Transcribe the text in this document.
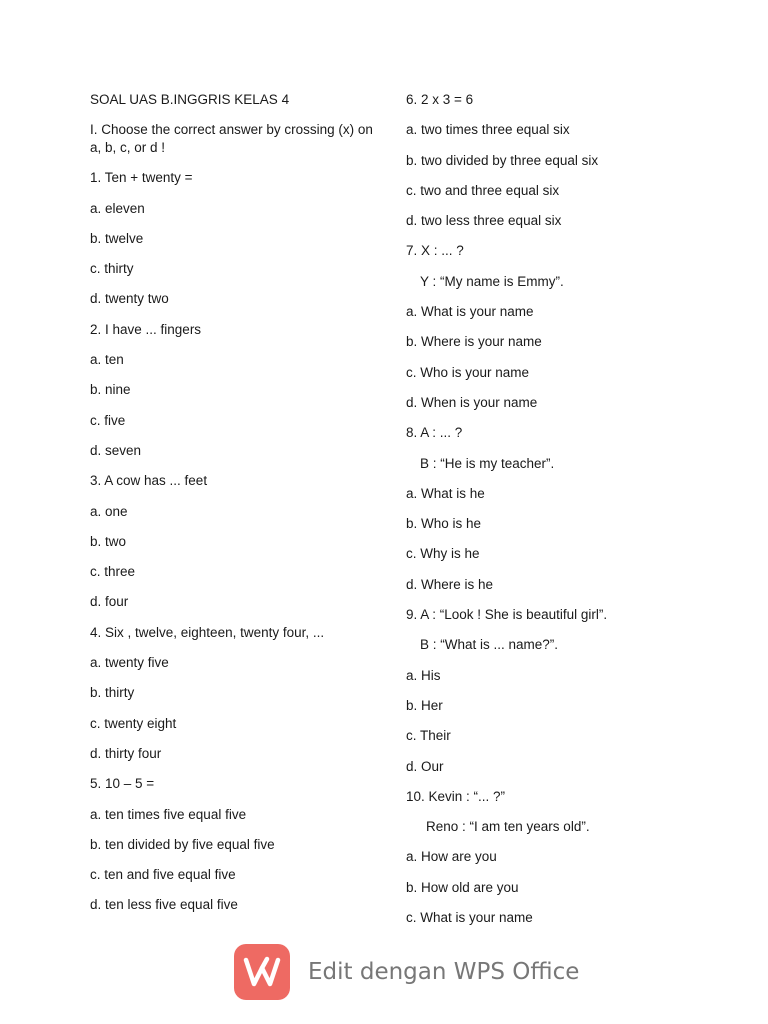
SOAL UAS B.INGGRIS KELAS 4
I. Choose the correct answer by crossing (x) on a, b, c, or d !
1. Ten + twenty =
a. eleven
b. twelve
c. thirty
d. twenty two
2. I have ... fingers
a. ten
b. nine
c. five
d. seven
3. A cow has ... feet
a. one
b. two
c. three
d. four
4. Six , twelve, eighteen, twenty four, ...
a. twenty five
b. thirty
c. twenty eight
d. thirty four
5. 10 – 5 =
a. ten times five equal five
b. ten divided by five equal five
c. ten and five equal five
d. ten less five equal five
6. 2 x 3 = 6
a. two times three equal six
b. two divided by three equal six
c. two and three equal six
d. two less three equal six
7. X : ... ?
Y : “My name is Emmy”.
a. What is your name
b. Where is your name
c. Who is your name
d. When is your name
8. A : ... ?
B : “He is my teacher”.
a. What is he
b. Who is he
c. Why is he
d. Where is he
9. A : “Look ! She is beautiful girl”.
B : “What is ... name?”.
a. His
b. Her
c. Their
d. Our
10. Kevin : “... ?”
Reno : “I am ten years old”.
a. How are you
b. How old are you
c. What is your name
Edit dengan WPS Office
